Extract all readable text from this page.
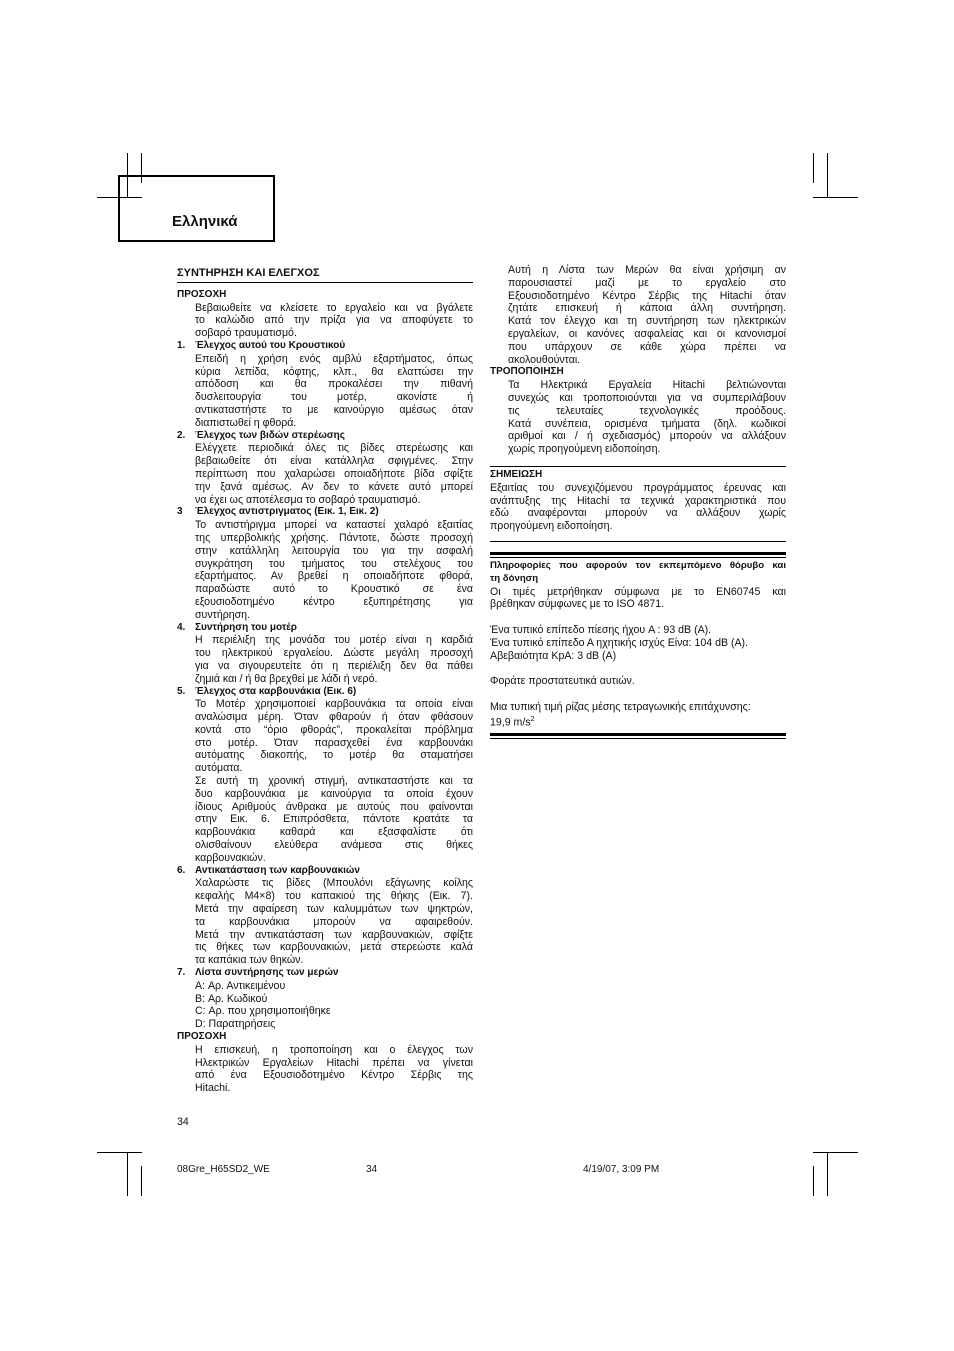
Ελληνικά
ΣΥΝΤΗΡΗΣΗ ΚΑΙ ΕΛΕΓΧΟΣ

ΠΡΟΣΟΧΗ

Βεβαιωθείτε να κλείσετε το εργαλείο και να βγάλετε

το καλώδιο από την πρίζα για να αποφύγετε το

σοβαρό τραυματισμό.

1. Έλεγχος αυτού του Κρουστικού

Επειδή η χρήση ενός αμβλύ εξαρτήματος, όπως

κύρια λεπίδα, κόφτης, κλπ., θα ελαττώσει την

απόδοση και θα προκαλέσει την πιθανή

δυσλειτουργία του μοτέρ, ακονίστε ή

αντικαταστήστε το με καινούργιο αμέσως όταν

διαπιστωθεί η φθορά.

2. Έλεγχος των βιδών στερέωσης

Ελέγχετε περιοδικά όλες τις βίδες στερέωσης και

βεβαιωθείτε ότι είναι κατάλληλα σφιγμένες. Στην

περίπτωση που χαλαρώσει οποιαδήποτε βίδα σφίξτε

την ξανά αμέσως. Αν δεν το κάνετε αυτό μπορεί

να έχει ως αποτέλεσμα το σοβαρό τραυματισμό.

3 Έλεγχος αντιστριγματος (Εικ. 1, Εικ. 2)

Το αντιστήριγμα μπορεί να καταστεί χαλαρό εξαιτίας

της υπερβολικής χρήσης. Πάντοτε, δώστε προσοχή

στην κατάλληλη λειτουργία του για την ασφαλή

συγκράτηση του τμήματος του στελέχους του

εξαρτήματος. Αν βρεθεί η οποιαδήποτε φθορά,

παραδώστε αυτό το Κρουστικό σε ένα

εξουσιοδοτημένο κέντρο εξυπηρέτησης για

συντήρηση.

4. Συντήρηση του μοτέρ

Η περιέλιξη της μονάδα του μοτέρ είναι η καρδιά

του ηλεκτρικού εργαλείου. Δώστε μεγάλη προσοχή

για να σιγουρευτείτε ότι η περιέλιξη δεν θα πάθει

ζημιά και / ή θα βρεχθεί με λάδι ή νερό.

5. Έλεγχος στα καρβουνάκια (Εικ. 6)

Το Μοτέρ χρησιμοποιεί καρβουνάκια τα οποία είναι

αναλώσιμα μέρη. Όταν φθαρούν ή όταν φθάσουν

κοντά στο “όριο φθοράς”, προκαλείται πρόβλημα

στο μοτέρ. Όταν παρασχεθεί ένα καρβουνάκι

αυτόματης διακοπής, το μοτέρ θα σταματήσει

αυτόματα.

Σε αυτή τη χρονική στιγμή, αντικαταστήστε και τα

δυο καρβουνάκια με καινούργια τα οποία έχουν

ίδιους Αριθμούς άνθρακα με αυτούς που φαίνονται

στην Εικ. 6. Επιπρόσθετα, πάντοτε κρατάτε τα

καρβουνάκια καθαρά και εξασφαλίστε ότι

ολισθαίνουν ελεύθερα ανάμεσα στις θήκες

καρβουνακιών.

6. Αντικατάσταση των καρβουνακιών

Χαλαρώστε τις βίδες (Μπουλόνι εξάγωνης κοίλης

κεφαλής M4×8) του καπακιού της θήκης (Εικ. 7).

Μετά την αφαίρεση των καλυμμάτων των ψηκτρών,

τα καρβουνάκια μπορούν να αφαιρεθούν.

Μετά την αντικατάσταση των καρβουνακιών, σφίξτε

τις θήκες των καρβουνακιών, μετά στερεώστε καλά

τα καπάκια των θηκών.

7. Λίστα συντήρησης των μερών

A: Αρ. Αντικειμένου

B: Αρ. Κωδικού

C: Αρ. που χρησιμοποιήθηκε

D: Παρατηρήσεις

ΠΡΟΣΟΧΗ

Η επισκευή, η τροποποίηση και ο έλεγχος των

Ηλεκτρικών Εργαλείων Hitachi πρέπει να γίνεται

από ένα Εξουσιοδοτημένο Κέντρο Σέρβις της

Hitachi.

34

Αυτή η Λίστα των Μερών θα είναι χρήσιμη αν

παρουσιαστεί μαζί με το εργαλείο στο

Εξουσιοδοτημένο Κέντρο Σέρβις της Hitachi όταν

ζητάτε επισκευή ή κάποια άλλη συντήρηση.

Κατά τον έλεγχο και τη συντήρηση των ηλεκτρικών

εργαλείων, οι κανόνες ασφαλείας και οι κανονισμοί

που υπάρχουν σε κάθε χώρα πρέπει να

ακολουθούνται.

ΤΡΟΠΟΠΟΙΗΣΗ

Τα Ηλεκτρικά Εργαλεία Hitachi βελτιώνονται

συνεχώς και τροποποιούνται για να συμπεριλάβουν

τις τελευταίες τεχνολογικές προόδους.

Κατά συνέπεια, ορισμένα τμήματα (δηλ. κωδικοί

αριθμοί και / ή σχεδιασμός) μπορούν να αλλάξουν

χωρίς προηγούμενη ειδοποίηση.

ΣΗΜΕΙΩΣΗ

Εξαιτίας του συνεχιζόμενου προγράμματος έρευνας και

ανάπτυξης της Hitachi τα τεχνικά χαρακτηριστικά που

εδώ αναφέρονται μπορούν να αλλάξουν χωρίς

προηγούμενη ειδοποίηση.

Πληροφορίες που αφορούν τον εκπεμπόμενο θόρυβο και

τη δόνηση

Οι τιμές μετρήθηκαν σύμφωνα με το EN60745 και

βρέθηκαν σύμφωνες με το ISO 4871.

Ένα τυπικό επίπεδο πίεσης ήχου A : 93 dB (A).

Ένα τυπικό επίπεδο Α ηχητικής ισχύς Είνα: 104 dB (A).

Αβεβαιότητα KpA: 3 dB (A)

Φοράτε προστατευτικά αυτιών.

Μια τυπική τιμή ρίζας μέσης τετραγωνικής επιτάχυνσης:

19,9 $m/s^2$

08Gre_H65SD2_WE	34	4/19/07, 3:09 PM
